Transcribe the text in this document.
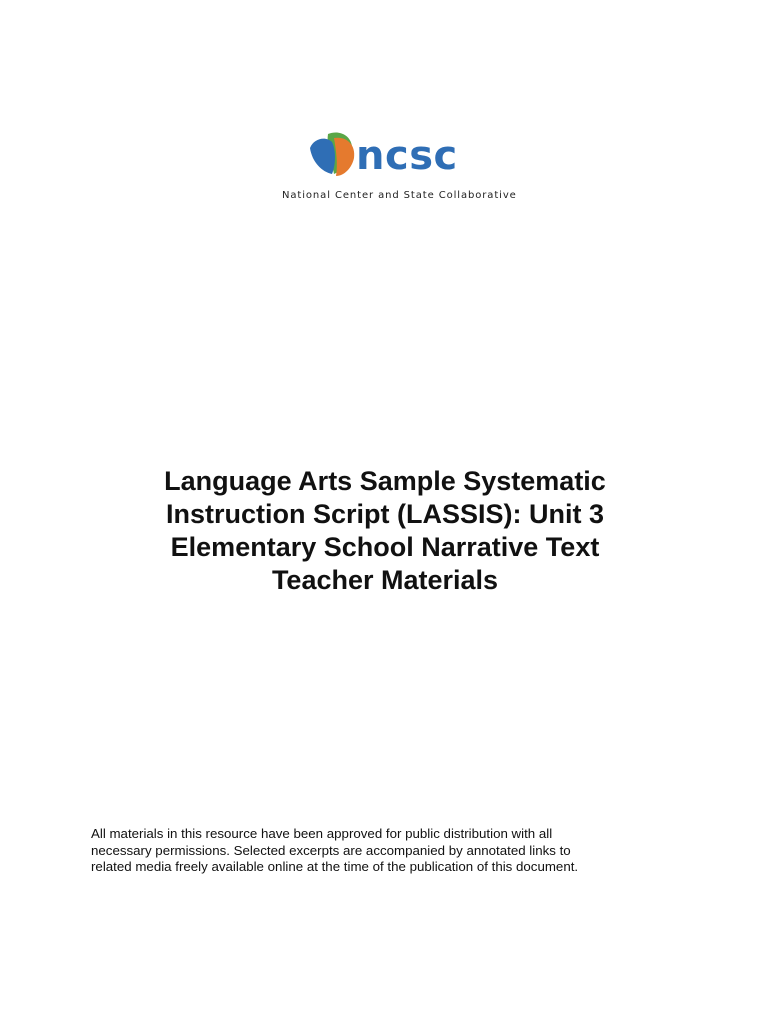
ncsc
National Center and State Collaborative
Language Arts Sample Systematic
Instruction Script (LASSIS): Unit 3
Elementary School Narrative Text
Teacher Materials
All materials in this resource have been approved for public distribution with all
necessary permissions. Selected excerpts are accompanied by annotated links to
related media freely available online at the time of the publication of this document.
